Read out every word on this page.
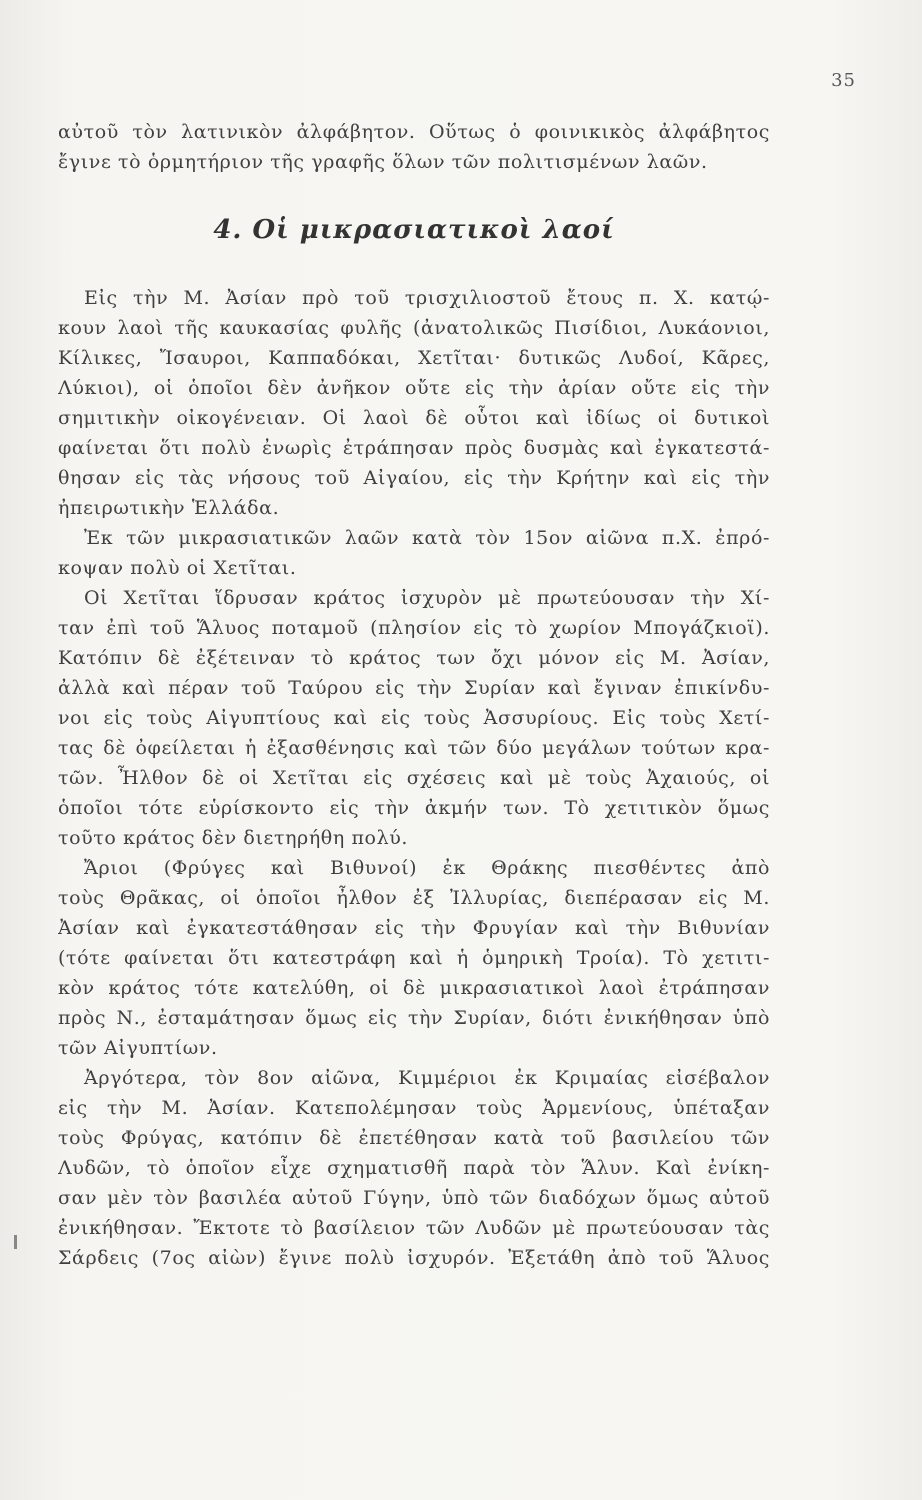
35
αὐτοῦ τὸν λατινικὸν ἀλφάβητον. Οὕτως ὁ φοινικικὸς ἀλφάβητος
ἔγινε τὸ ὁρμητήριον τῆς γραφῆς ὅλων τῶν πολιτισμένων λαῶν.
4. Οἱ μικρασιατικοὶ λαοί
Εἰς τὴν Μ. Ἀσίαν πρὸ τοῦ τρισχιλιοστοῦ ἔτους π. Χ. κατῴ-
κουν λαοὶ τῆς καυκασίας φυλῆς (ἀνατολικῶς Πισίδιοι, Λυκάονιοι,
Κίλικες, Ἴσαυροι, Καππαδόκαι, Χετῖται· δυτικῶς Λυδοί, Κᾶρες,
Λύκιοι), οἱ ὁποῖοι δὲν ἀνῆκον οὔτε εἰς τὴν ἀρίαν οὔτε εἰς τὴν
σημιτικὴν οἰκογένειαν. Οἱ λαοὶ δὲ οὗτοι καὶ ἰδίως οἱ δυτικοὶ
φαίνεται ὅτι πολὺ ἐνωρὶς ἐτράπησαν πρὸς δυσμὰς καὶ ἐγκατεστά-
θησαν εἰς τὰς νήσους τοῦ Αἰγαίου, εἰς τὴν Κρήτην καὶ εἰς τὴν
ἠπειρωτικὴν Ἑλλάδα.
Ἐκ τῶν μικρασιατικῶν λαῶν κατὰ τὸν 15ον αἰῶνα π.Χ. ἐπρό-
κοψαν πολὺ οἱ Χετῖται.
Οἱ Χετῖται ἵδρυσαν κράτος ἰσχυρὸν μὲ πρωτεύουσαν τὴν Χί-
ταν ἐπὶ τοῦ Ἅλυος ποταμοῦ (πλησίον εἰς τὸ χωρίον Μπογάζκιοϊ).
Κατόπιν δὲ ἐξέτειναν τὸ κράτος των ὄχι μόνον εἰς Μ. Ἀσίαν,
ἀλλὰ καὶ πέραν τοῦ Ταύρου εἰς τὴν Συρίαν καὶ ἔγιναν ἐπικίνδυ-
νοι εἰς τοὺς Αἰγυπτίους καὶ εἰς τοὺς Ἀσσυρίους. Εἰς τοὺς Χετί-
τας δὲ ὀφείλεται ἡ ἐξασθένησις καὶ τῶν δύο μεγάλων τούτων κρα-
τῶν. Ἦλθον δὲ οἱ Χετῖται εἰς σχέσεις καὶ μὲ τοὺς Ἀχαιούς, οἱ
ὁποῖοι τότε εὑρίσκοντο εἰς τὴν ἀκμήν των. Τὸ χετιτικὸν ὅμως
τοῦτο κράτος δὲν διετηρήθη πολύ.
Ἄριοι (Φρύγες καὶ Βιθυνοί) ἐκ Θράκης πιεσθέντες ἀπὸ
τοὺς Θρᾶκας, οἱ ὁποῖοι ἦλθον ἐξ Ἰλλυρίας, διεπέρασαν εἰς Μ.
Ἀσίαν καὶ ἐγκατεστάθησαν εἰς τὴν Φρυγίαν καὶ τὴν Βιθυνίαν
(τότε φαίνεται ὅτι κατεστράφη καὶ ἡ ὁμηρικὴ Τροία). Τὸ χετιτι-
κὸν κράτος τότε κατελύθη, οἱ δὲ μικρασιατικοὶ λαοὶ ἐτράπησαν
πρὸς Ν., ἐσταμάτησαν ὅμως εἰς τὴν Συρίαν, διότι ἐνικήθησαν ὑπὸ
τῶν Αἰγυπτίων.
Ἀργότερα, τὸν 8ον αἰῶνα, Κιμμέριοι ἐκ Κριμαίας εἰσέβαλον
εἰς τὴν Μ. Ἀσίαν. Κατεπολέμησαν τοὺς Ἀρμενίους, ὑπέταξαν
τοὺς Φρύγας, κατόπιν δὲ ἐπετέθησαν κατὰ τοῦ βασιλείου τῶν
Λυδῶν, τὸ ὁποῖον εἶχε σχηματισθῆ παρὰ τὸν Ἅλυν. Καὶ ἐνίκη-
σαν μὲν τὸν βασιλέα αὐτοῦ Γύγην, ὑπὸ τῶν διαδόχων ὅμως αὐτοῦ
ἐνικήθησαν. Ἔκτοτε τὸ βασίλειον τῶν Λυδῶν μὲ πρωτεύουσαν τὰς
Σάρδεις (7ος αἰὼν) ἔγινε πολὺ ἰσχυρόν. Ἐξετάθη ἀπὸ τοῦ Ἅλυος
